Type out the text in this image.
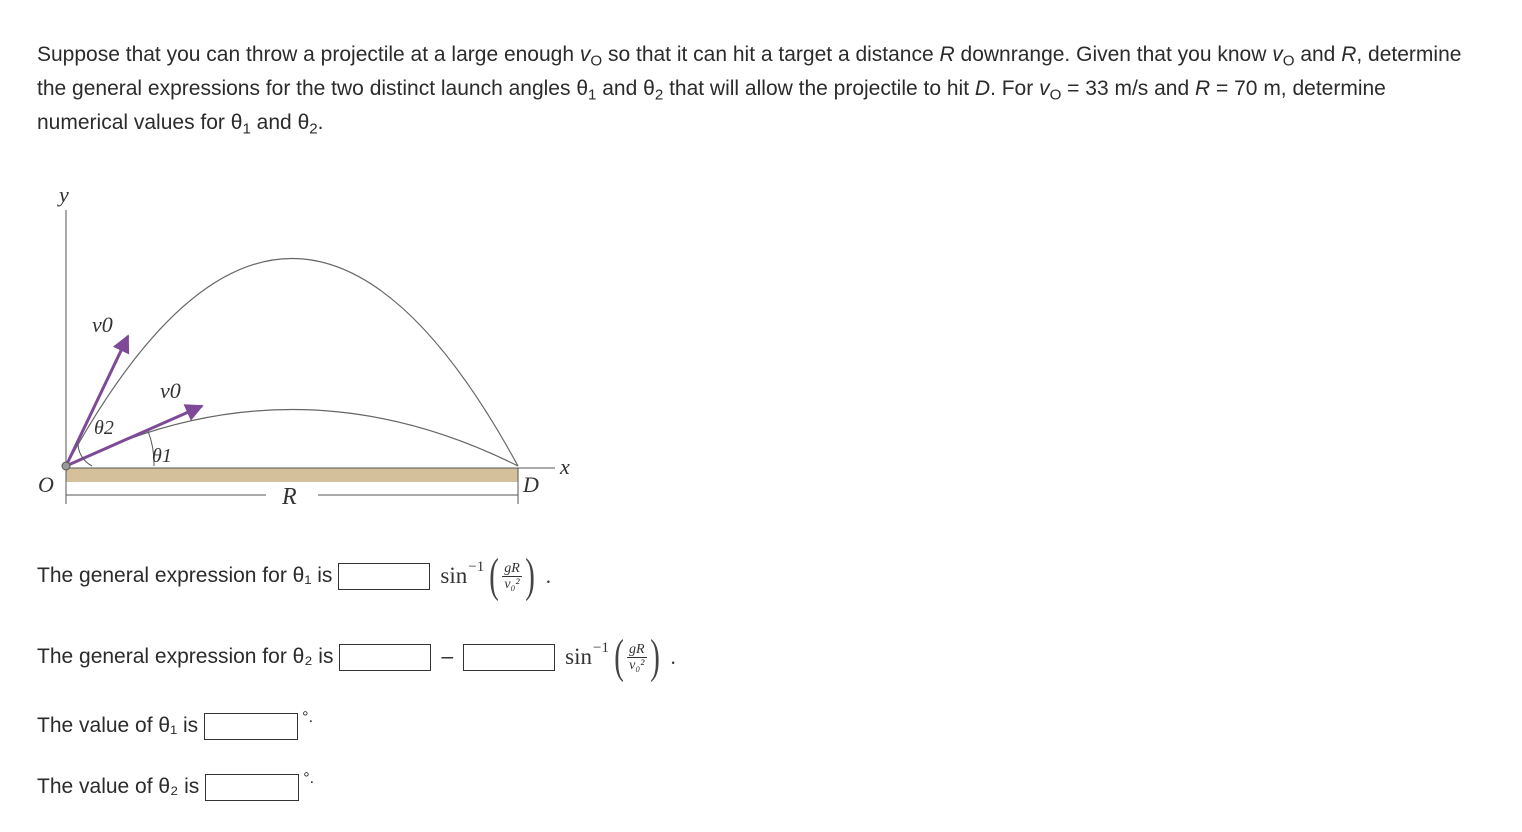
Suppose that you can throw a projectile at a large enough $v_O$ so that it can hit a target a distance R downrange. Given that you know $v_O$ and R, determine the general expressions for the two distinct launch angles $\theta_1$ and $\theta_2$ that will allow the projectile to hit D. For $v_O = 33$ m/s and R = 70 m, determine numerical values for $\theta_1$ and $\theta_2$.

y
x
O
v0
v0
θ2
θ1
D
R
The general expression for θ₁ is	sin −1 ( $\frac{gR}{\text{v₀²}}$ ) .
The general expression for θ₂ is	–	sin −1 ( $\frac{gR}{\text{v₀²}}$ ) .
The value of θ₁ is	°.
The value of θ₂ is	°.
